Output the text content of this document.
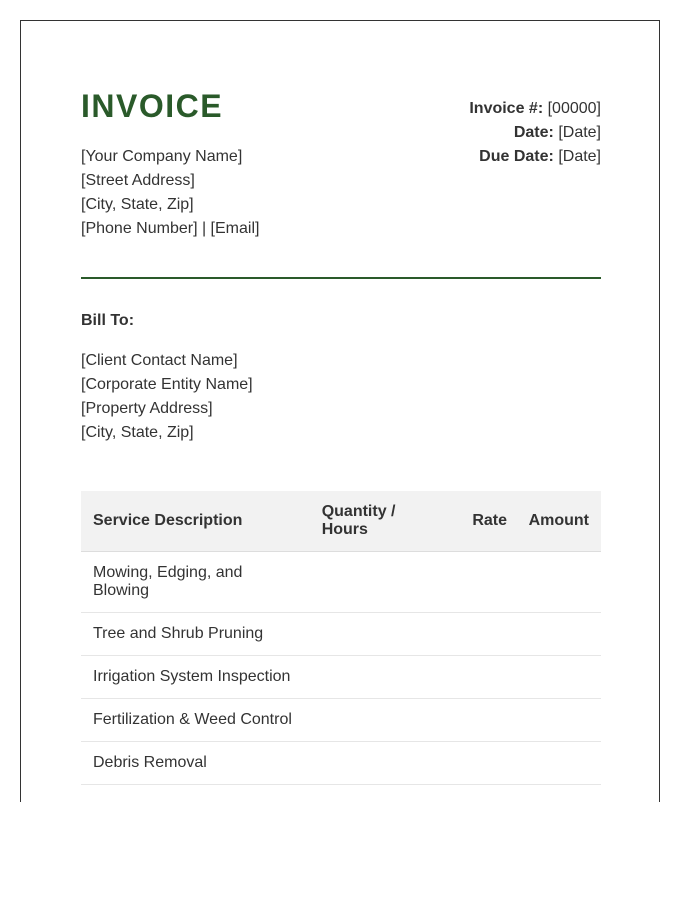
INVOICE
[Your Company Name]
[Street Address]
[City, State, Zip]
[Phone Number] | [Email]
Invoice #: [00000]
Date: [Date]
Due Date: [Date]
Bill To:
[Client Contact Name]
[Corporate Entity Name]
[Property Address]
[City, State, Zip]
Service Description	Quantity / Hours	Rate	Amount
Mowing, Edging, and Blowing			
Tree and Shrub Pruning			
Irrigation System Inspection			
Fertilization & Weed Control			
Debris Removal			
